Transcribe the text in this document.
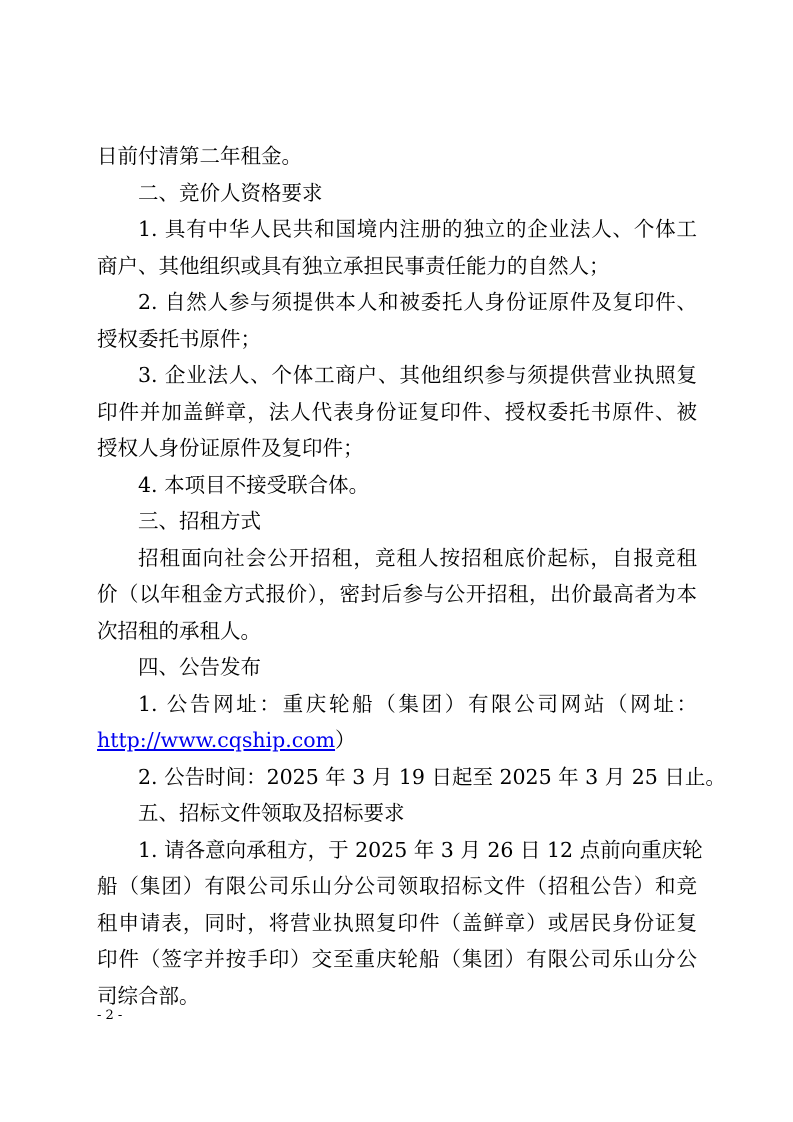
日前付清第二年租金。
二、竞价人资格要求
1. 具有中华人民共和国境内注册的独立的企业法人、个体工
商户、其他组织或具有独立承担民事责任能力的自然人；
2. 自然人参与须提供本人和被委托人身份证原件及复印件、
授权委托书原件；
3. 企业法人、个体工商户、其他组织参与须提供营业执照复
印件并加盖鲜章，法人代表身份证复印件、授权委托书原件、被
授权人身份证原件及复印件；
4. 本项目不接受联合体。
三、招租方式
招租面向社会公开招租，竞租人按招租底价起标，自报竞租
价（以年租金方式报价），密封后参与公开招租，出价最高者为本
次招租的承租人。
四、公告发布
1. 公告网址：重庆轮船（集团）有限公司网站（网址：
http://www.cqship.com）
2. 公告时间：2025 年 3 月 19 日起至 2025 年 3 月 25 日止。
五、招标文件领取及招标要求
1. 请各意向承租方，于 2025 年 3 月 26 日 12 点前向重庆轮
船（集团）有限公司乐山分公司领取招标文件（招租公告）和竞
租申请表，同时，将营业执照复印件（盖鲜章）或居民身份证复
印件（签字并按手印）交至重庆轮船（集团）有限公司乐山分公
司综合部。
- 2 -
